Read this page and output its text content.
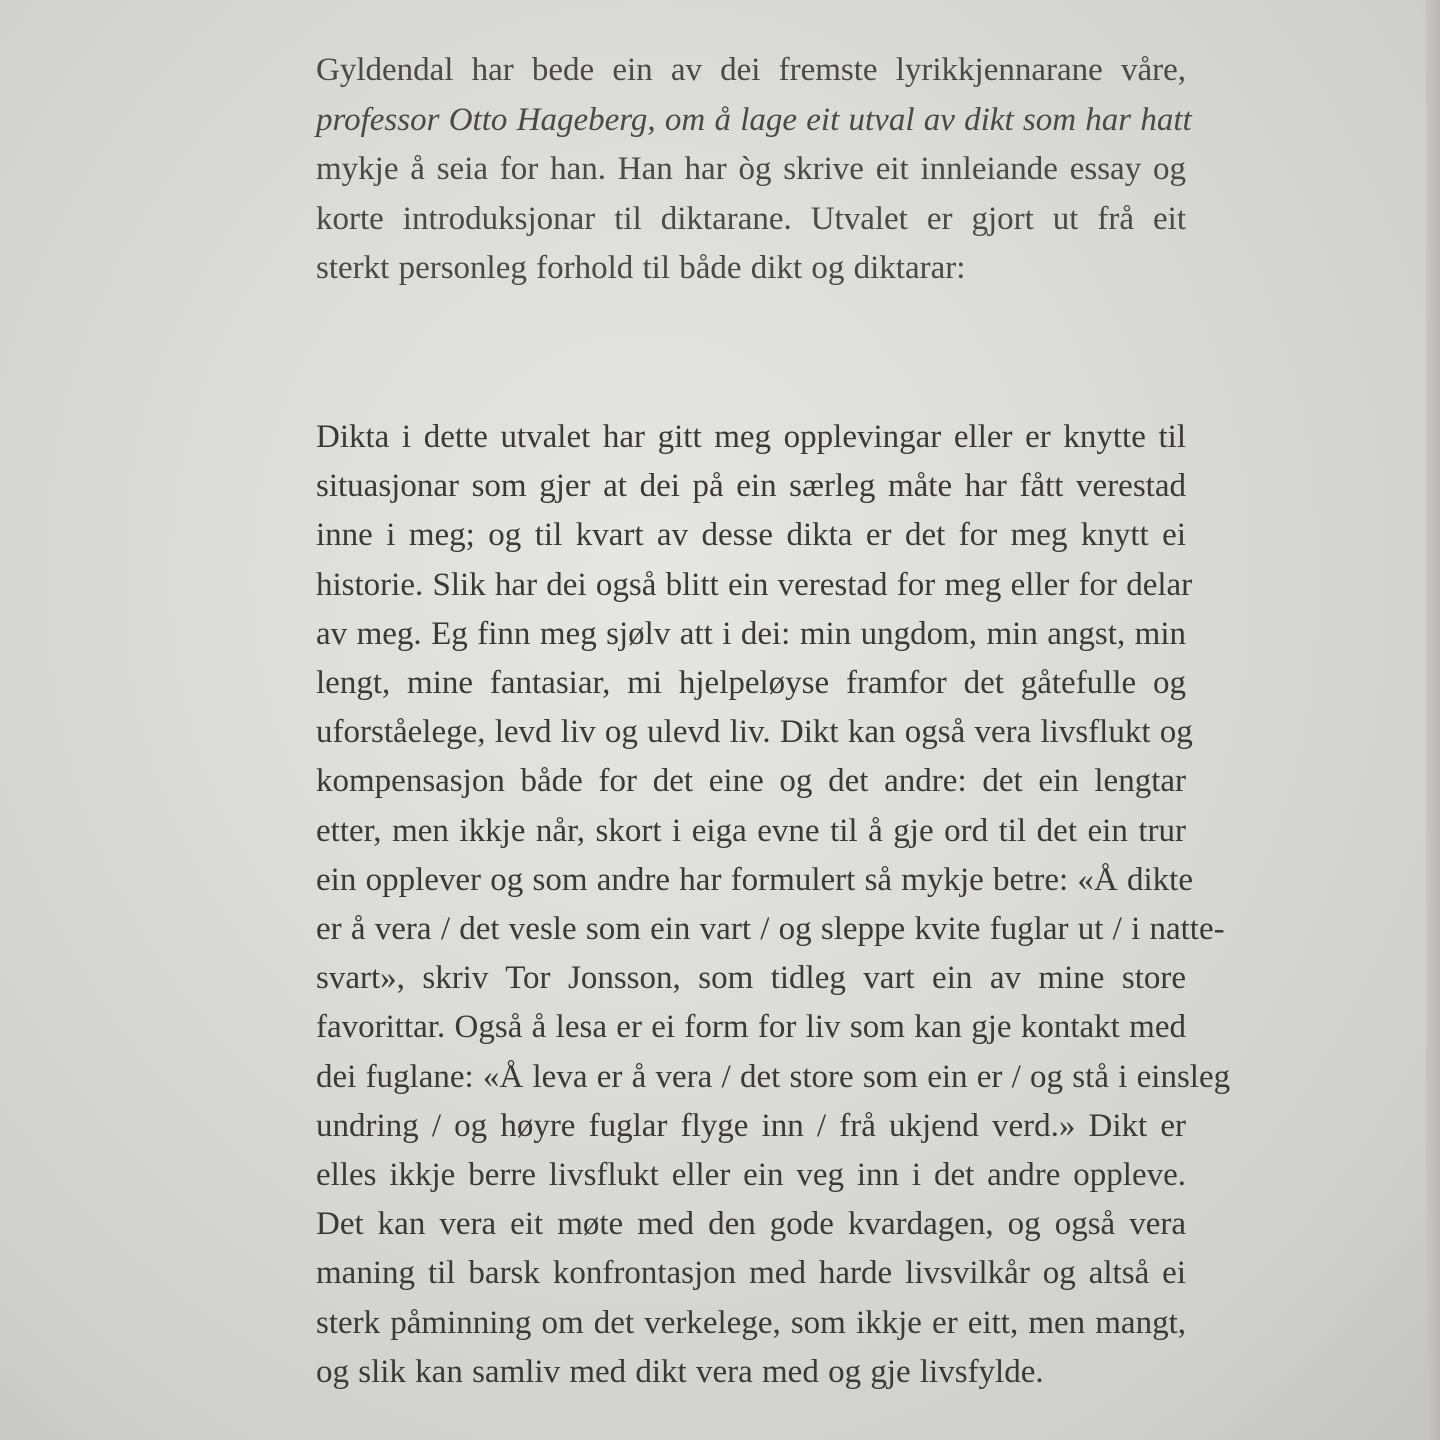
Gyldendal har bede ein av dei fremste lyrikkjennarane våre,
professor Otto Hageberg, om å lage eit utval av dikt som har hatt
mykje å seia for han. Han har òg skrive eit innleiande essay og
korte introduksjonar til diktarane. Utvalet er gjort ut frå eit
sterkt personleg forhold til både dikt og diktarar:
Dikta i dette utvalet har gitt meg opplevingar eller er knytte til
situasjonar som gjer at dei på ein særleg måte har fått verestad
inne i meg; og til kvart av desse dikta er det for meg knytt ei
historie. Slik har dei også blitt ein verestad for meg eller for delar
av meg. Eg finn meg sjølv att i dei: min ungdom, min angst, min
lengt, mine fantasiar, mi hjelpeløyse framfor det gåtefulle og
uforståelege, levd liv og ulevd liv. Dikt kan også vera livsflukt og
kompensasjon både for det eine og det andre: det ein lengtar
etter, men ikkje når, skort i eiga evne til å gje ord til det ein trur
ein opplever og som andre har formulert så mykje betre: «Å dikte
er å vera / det vesle som ein vart / og sleppe kvite fuglar ut / i natte-
svart», skriv Tor Jonsson, som tidleg vart ein av mine store
favorittar. Også å lesa er ei form for liv som kan gje kontakt med
dei fuglane: «Å leva er å vera / det store som ein er / og stå i einsleg
undring / og høyre fuglar flyge inn / frå ukjend verd.» Dikt er
elles ikkje berre livsflukt eller ein veg inn i det andre oppleve.
Det kan vera eit møte med den gode kvardagen, og også vera
maning til barsk konfrontasjon med harde livsvilkår og altså ei
sterk påminning om det verkelege, som ikkje er eitt, men mangt,
og slik kan samliv med dikt vera med og gje livsfylde.
